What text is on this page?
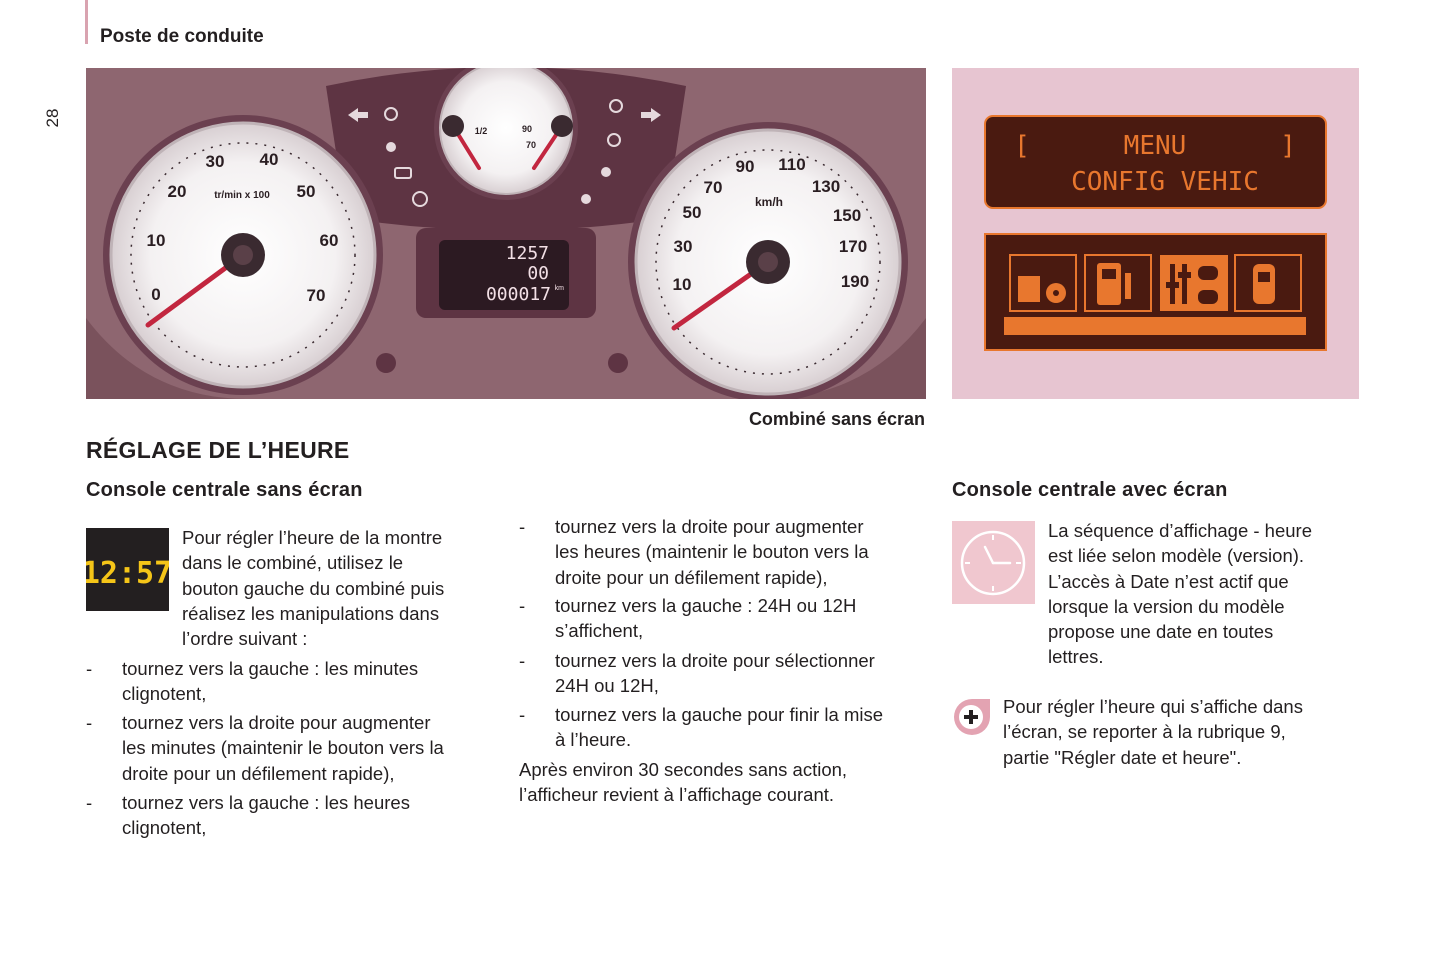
Poste de conduite
28
0
10
20
30 40
50
60
70
tr/min x 100
10
30
50
70
90 110
130
150
170
190
km/h
1/2	90
70
1257
00
000017 km
Combiné sans écran
[      MENU      ]
CONFIG VEHIC
RÉGLAGE DE L’HEURE
Console centrale sans écran
12:57
Pour régler l’heure de la montre
dans le combiné, utilisez le
bouton gauche du combiné puis
réalisez les manipulations dans
l’ordre suivant :
-	tournez vers la gauche : les minutes
clignotent,
-	tournez vers la droite pour augmenter
les minutes (maintenir le bouton vers la
droite pour un défilement rapide),
-	tournez vers la gauche : les heures
clignotent,
-	tournez vers la droite pour augmenter
les heures (maintenir le bouton vers la
droite pour un défilement rapide),
-	tournez vers la gauche : 24H ou 12H
s’affichent,
-	tournez vers la droite pour sélectionner
24H ou 12H,
-	tournez vers la gauche pour finir la mise
à l’heure.
Après environ 30 secondes sans action,
l’afficheur revient à l’affichage courant.
Console centrale avec écran
La séquence d’affichage - heure
est liée selon modèle (version).
L’accès à Date n’est actif que
lorsque la version du modèle
propose une date en toutes
lettres.
Pour régler l’heure qui s’affiche dans
l’écran, se reporter à la rubrique 9,
partie "Régler date et heure".
